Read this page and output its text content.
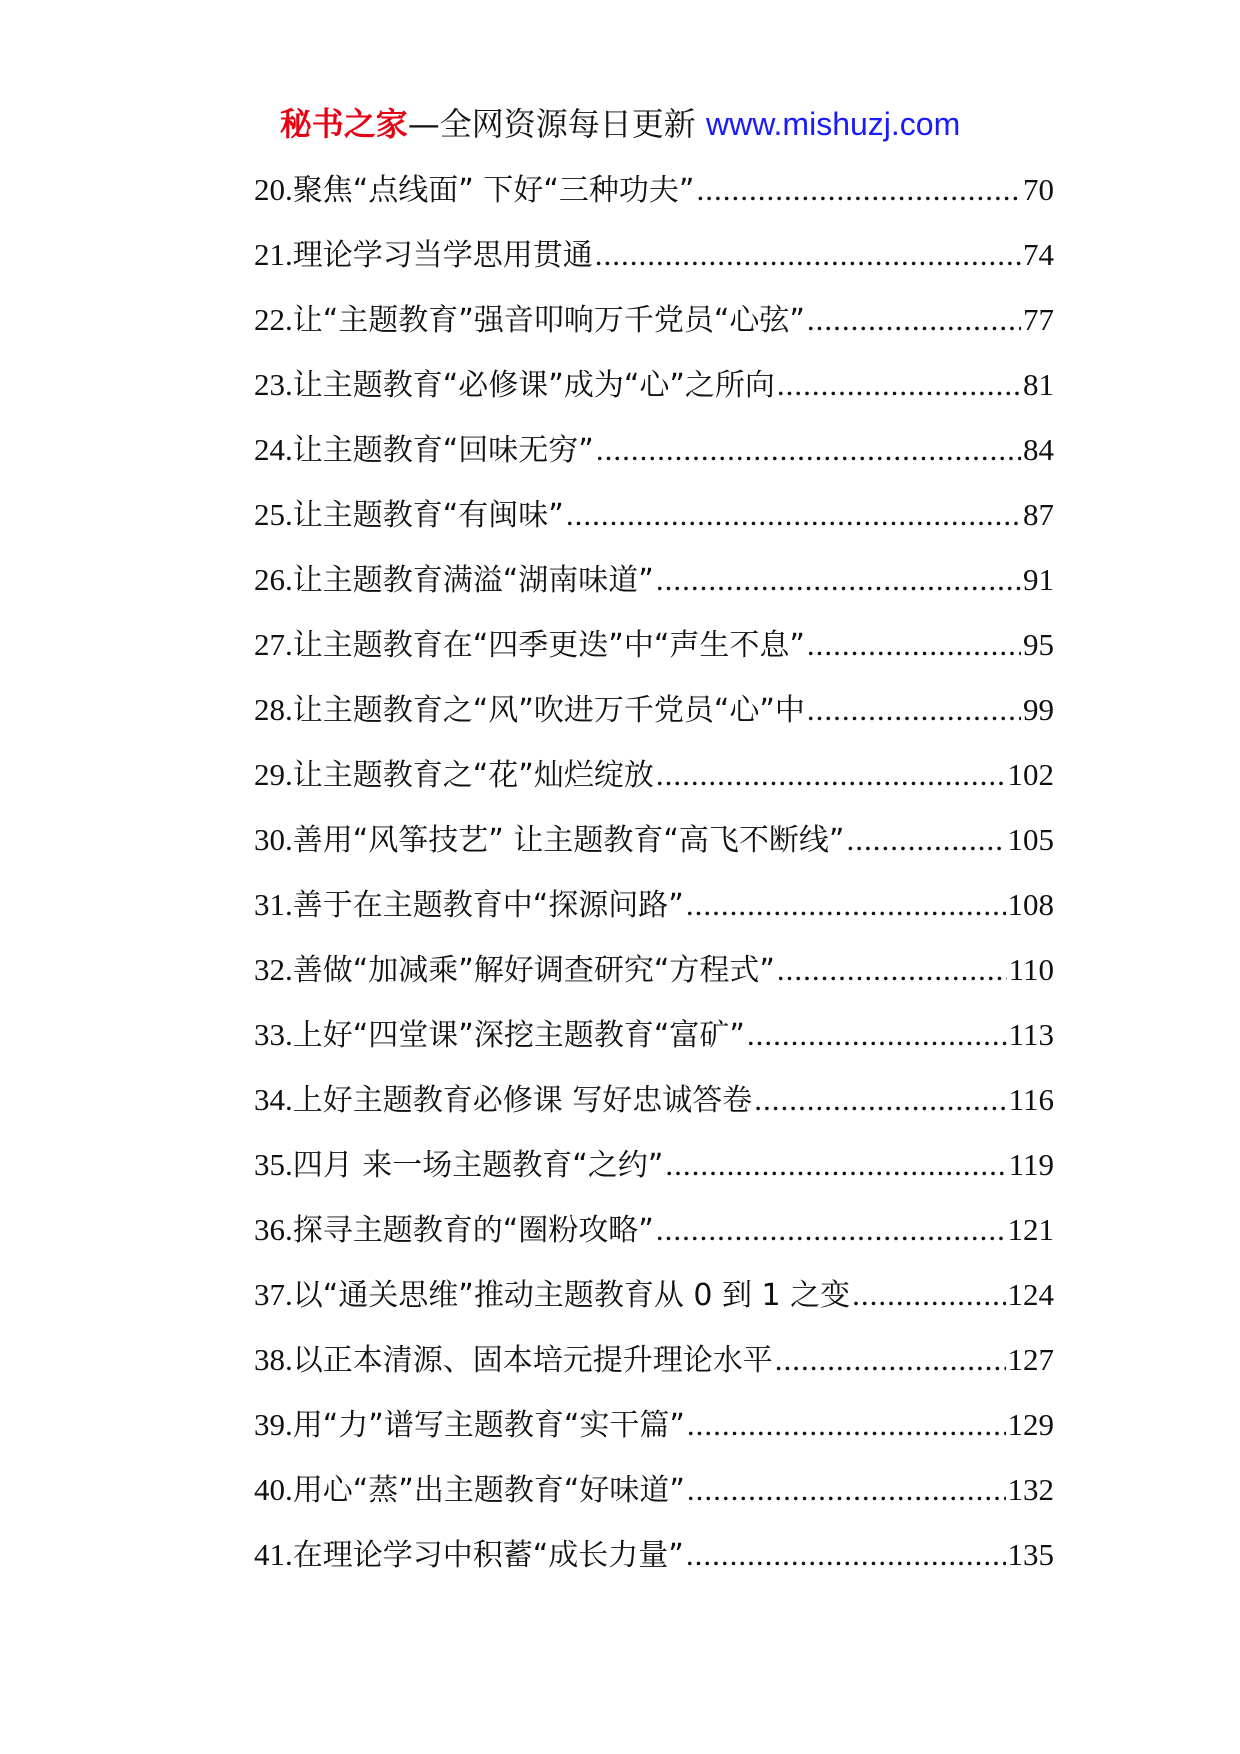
秘书之家—全网资源每日更新 www.mishuzj.com
20. 聚焦“点线面” 下好“三种功夫” .....	70
21. 理论学习当学思用贯通 .....	74
22. 让“主题教育”强音叩响万千党员“心弦” .....	77
23. 让主题教育“必修课”成为“心”之所向 .....	81
24. 让主题教育“回味无穷” .....	84
25. 让主题教育“有闽味” .....	87
26. 让主题教育满溢“湖南味道” .....	91
27. 让主题教育在“四季更迭”中“声生不息” .....	95
28. 让主题教育之“风”吹进万千党员“心”中 .....	99
29. 让主题教育之“花”灿烂绽放 .....	102
30. 善用“风筝技艺” 让主题教育“高飞不断线” .....	105
31. 善于在主题教育中“探源问路” .....	108
32. 善做“加减乘”解好调查研究“方程式” .....	110
33. 上好“四堂课”深挖主题教育“富矿” .....	113
34. 上好主题教育必修课 写好忠诚答卷 .....	116
35. 四月 来一场主题教育“之约” .....	119
36. 探寻主题教育的“圈粉攻略” .....	121
37. 以“通关思维”推动主题教育从 0 到 1 之变 .....	124
38. 以正本清源、固本培元提升理论水平 .....	127
39. 用“力”谱写主题教育“实干篇” .....	129
40. 用心“蒸”出主题教育“好味道” .....	132
41. 在理论学习中积蓄“成长力量” .....	135
